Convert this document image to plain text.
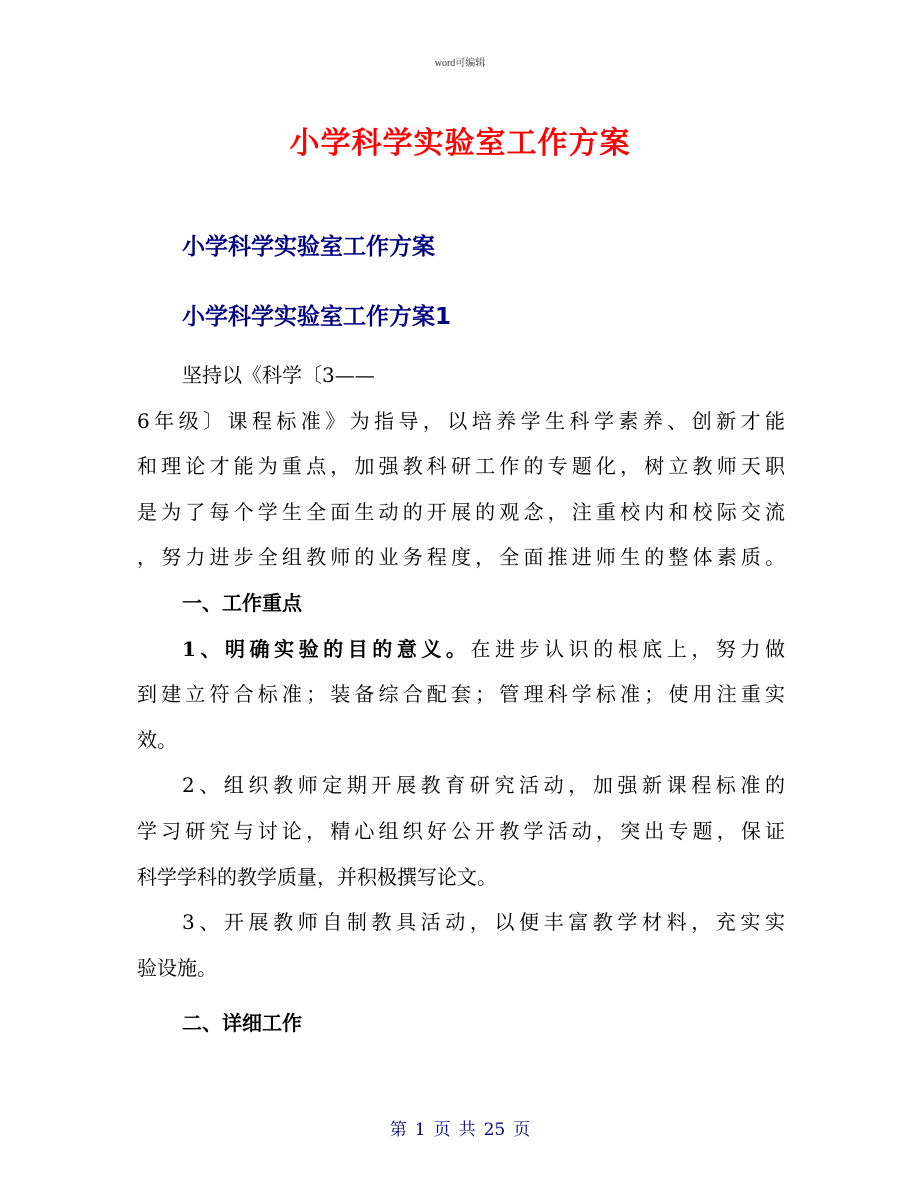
word可编辑
小学科学实验室工作方案
小学科学实验室工作方案
小学科学实验室工作方案1
坚持以《科学〔3——
6年级〕课程标准》为指导，以培养学生科学素养、创新才能
和理论才能为重点，加强教科研工作的专题化，树立教师天职
是为了每个学生全面生动的开展的观念，注重校内和校际交流
，努力进步全组教师的业务程度，全面推进师生的整体素质。
一、工作重点
1、明确实验的目的意义。在进步认识的根底上，努力做
到建立符合标准；装备综合配套；管理科学标准；使用注重实
效。
2、组织教师定期开展教育研究活动，加强新课程标准的
学习研究与讨论，精心组织好公开教学活动，突出专题，保证
科学学科的教学质量，并积极撰写论文。
3、开展教师自制教具活动，以便丰富教学材料，充实实
验设施。
二、详细工作
第 1 页 共 25 页
